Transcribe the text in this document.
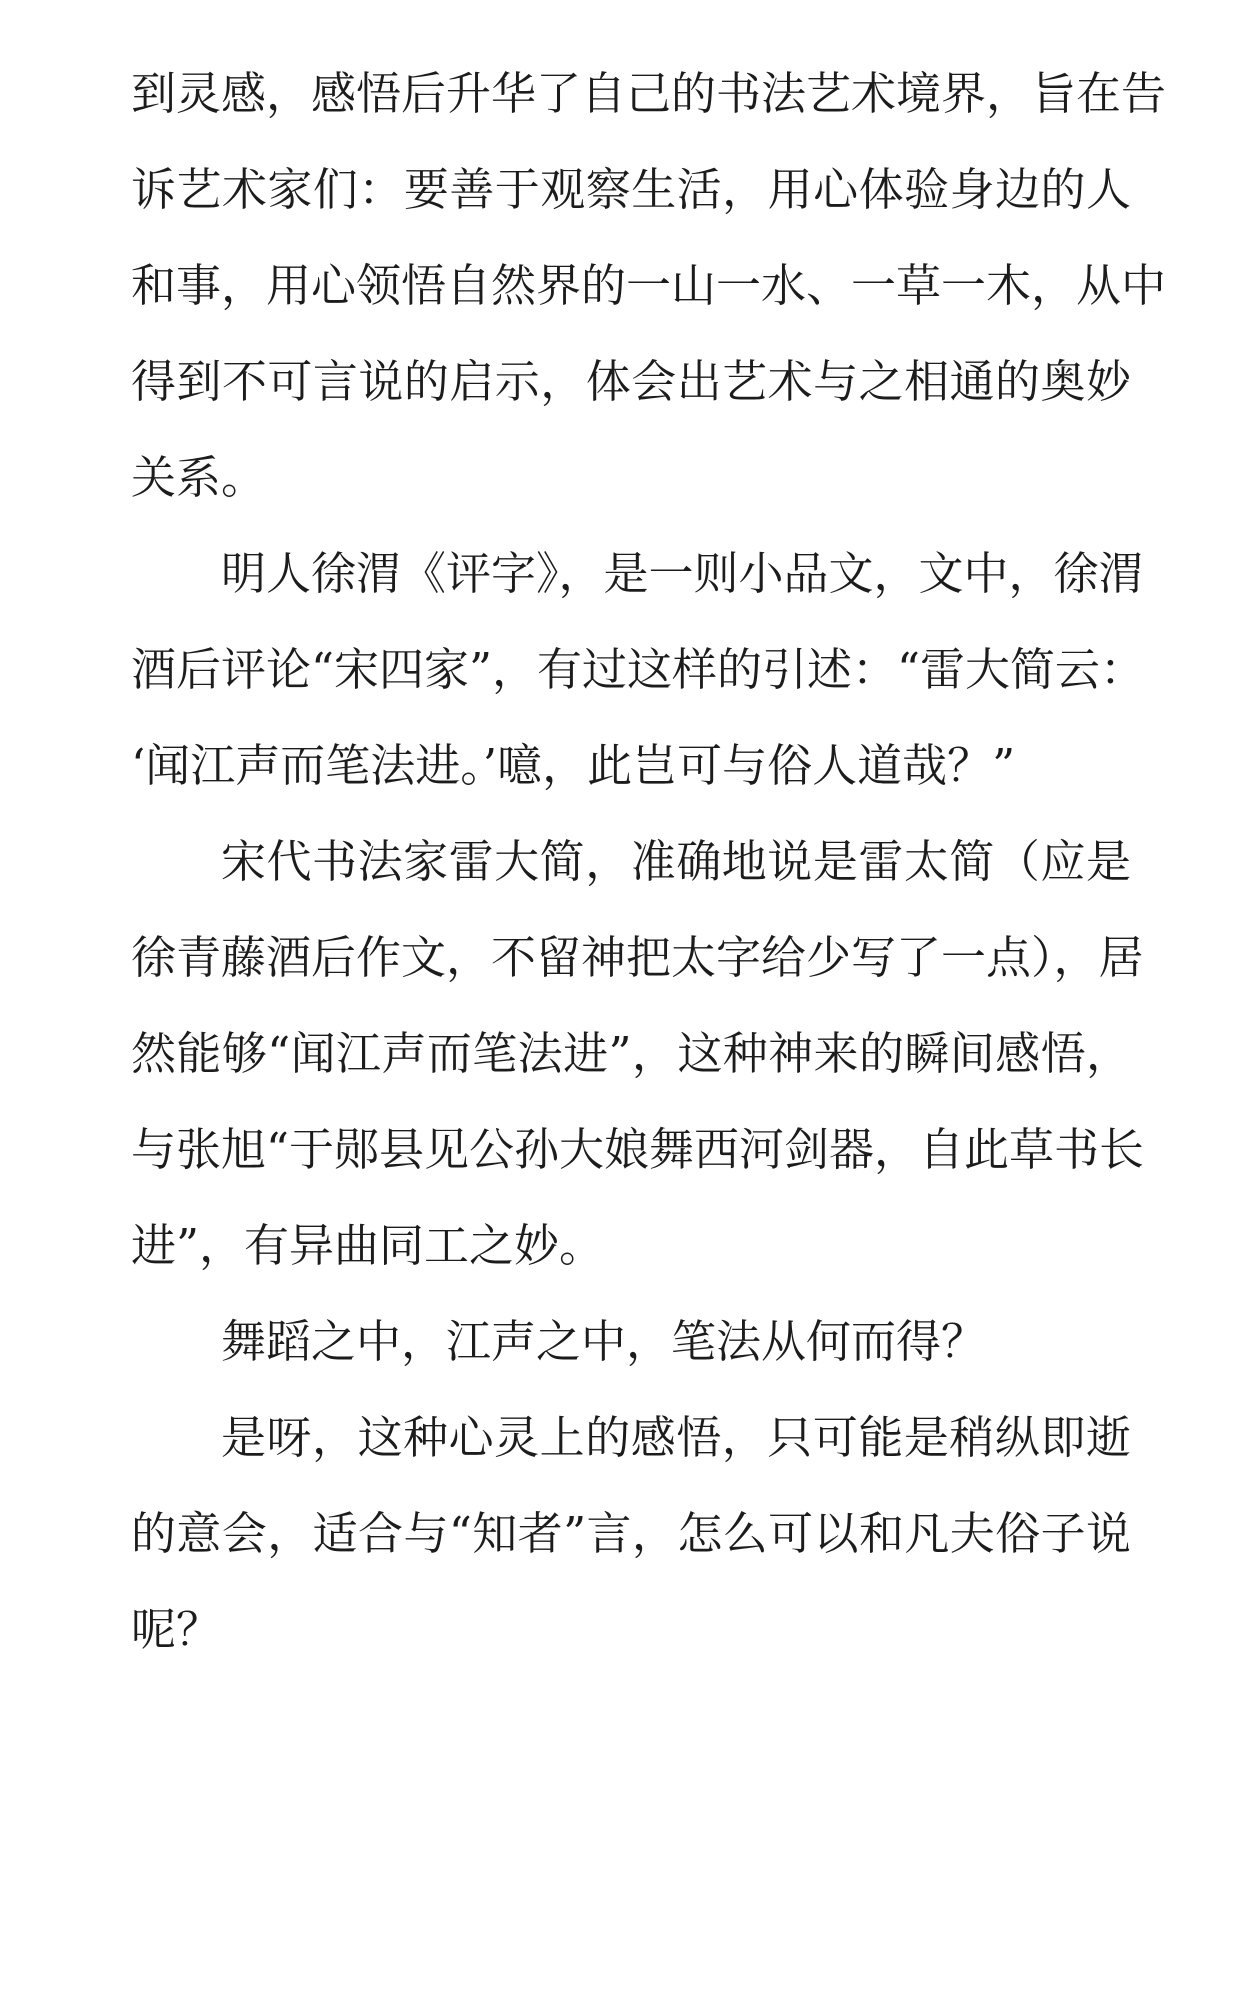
到灵感，感悟后升华了自己的书法艺术境界，旨在告
诉艺术家们：要善于观察生活，用心体验身边的人
和事，用心领悟自然界的一山一水、一草一木，从中
得到不可言说的启示，体会出艺术与之相通的奥妙
关系。
明人徐渭《评字》，是一则小品文，文中，徐渭
酒后评论“宋四家”，有过这样的引述：“雷大简云：
‘闻江声而笔法进。’噫，此岂可与俗人道哉？”
宋代书法家雷大简，准确地说是雷太简（应是
徐青藤酒后作文，不留神把太字给少写了一点），居
然能够“闻江声而笔法进”，这种神来的瞬间感悟，
与张旭“于郧县见公孙大娘舞西河剑器，自此草书长
进”，有异曲同工之妙。
舞蹈之中，江声之中，笔法从何而得？
是呀，这种心灵上的感悟，只可能是稍纵即逝
的意会，适合与“知者”言，怎么可以和凡夫俗子说
呢？
